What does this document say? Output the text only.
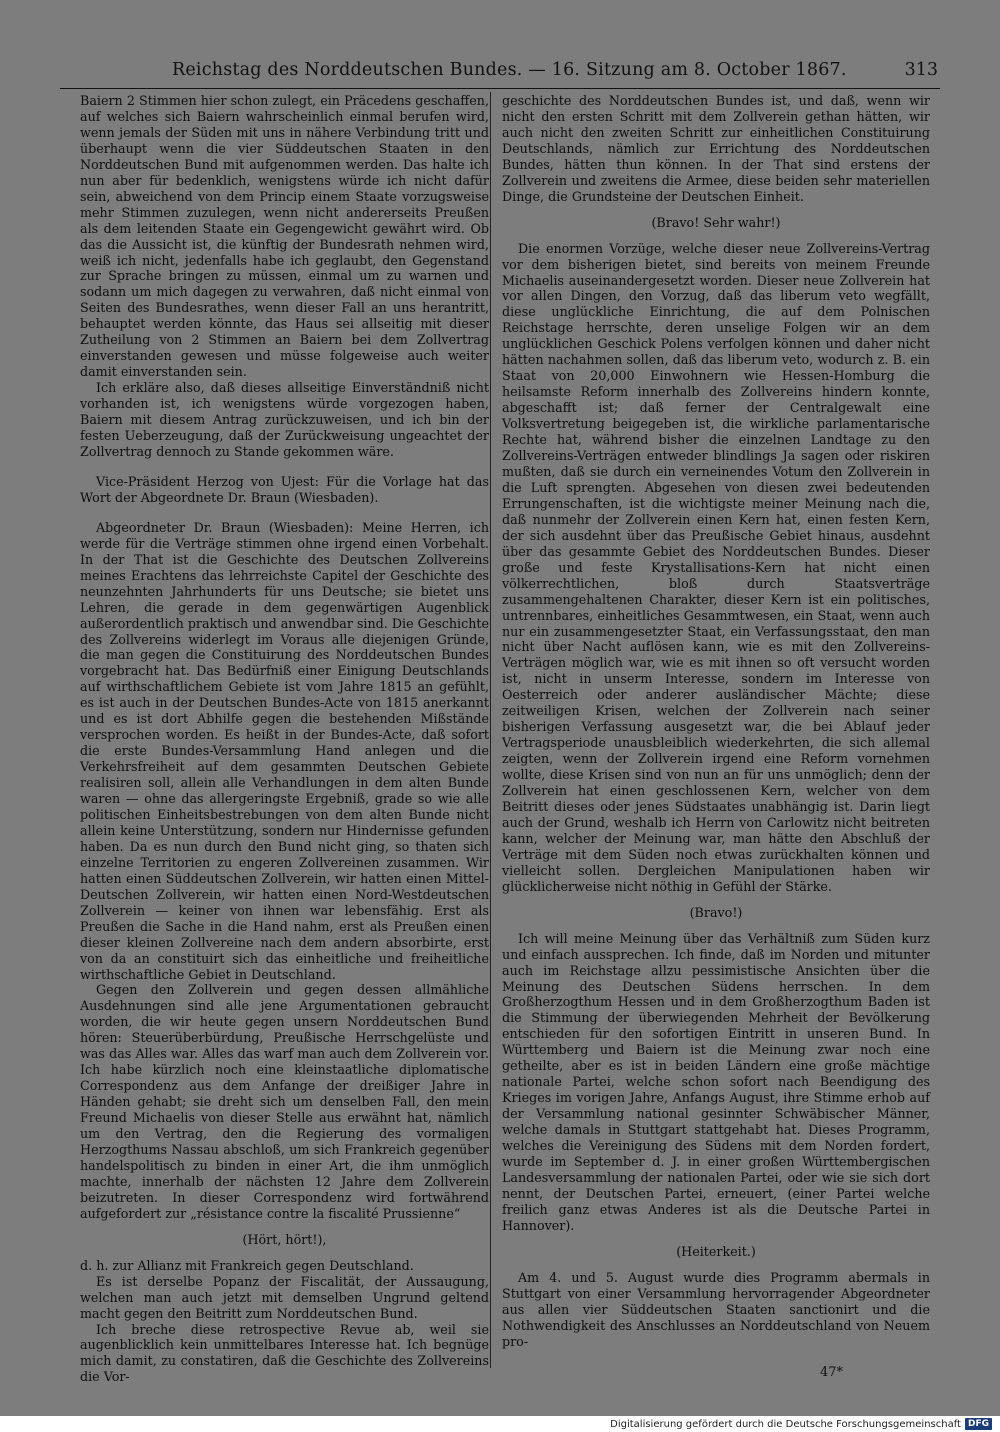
Reichstag des Norddeutschen Bundes. — 16. Sitzung am 8. October 1867.	313

Baiern 2 Stimmen hier schon zulegt, ein Präcedens geschaffen, auf welches sich Baiern wahrscheinlich einmal berufen wird, wenn jemals der Süden mit uns in nähere Verbindung tritt und überhaupt wenn die vier Süddeutschen Staaten in den Norddeutschen Bund mit aufgenommen werden. Das halte ich nun aber für bedenklich, wenigstens würde ich nicht dafür sein, abweichend von dem Princip einem Staate vorzugsweise mehr Stimmen zuzulegen, wenn nicht andererseits Preußen als dem leitenden Staate ein Gegengewicht gewährt wird. Ob das die Aussicht ist, die künftig der Bundesrath nehmen wird, weiß ich nicht, jedenfalls habe ich geglaubt, den Gegenstand zur Sprache bringen zu müssen, einmal um zu warnen und sodann um mich dagegen zu verwahren, daß nicht einmal von Seiten des Bundesrathes, wenn dieser Fall an uns herantritt, behauptet werden könnte, das Haus sei allseitig mit dieser Zutheilung von 2 Stimmen an Baiern bei dem Zollvertrag einverstanden gewesen und müsse folgeweise auch weiter damit einverstanden sein.

Ich erkläre also, daß dieses allseitige Einverständniß nicht vorhanden ist, ich wenigstens würde vorgezogen haben, Baiern mit diesem Antrag zurückzuweisen, und ich bin der festen Ueberzeugung, daß der Zurückweisung ungeachtet der Zollvertrag dennoch zu Stande gekommen wäre.

Vice-Präsident Herzog von Ujest: Für die Vorlage hat das Wort der Abgeordnete Dr. Braun (Wiesbaden).

Abgeordneter Dr. Braun (Wiesbaden): Meine Herren, ich werde für die Verträge stimmen ohne irgend einen Vorbehalt. In der That ist die Geschichte des Deutschen Zollvereins meines Erachtens das lehrreichste Capitel der Geschichte des neunzehnten Jahrhunderts für uns Deutsche; sie bietet uns Lehren, die gerade in dem gegenwärtigen Augenblick außerordentlich praktisch und anwendbar sind. Die Geschichte des Zollvereins widerlegt im Voraus alle diejenigen Gründe, die man gegen die Constituirung des Norddeutschen Bundes vorgebracht hat. Das Bedürfniß einer Einigung Deutschlands auf wirthschaftlichem Gebiete ist vom Jahre 1815 an gefühlt, es ist auch in der Deutschen Bundes-Acte von 1815 anerkannt und es ist dort Abhilfe gegen die bestehenden Mißstände versprochen worden. Es heißt in der Bundes-Acte, daß sofort die erste Bundes-Versammlung Hand anlegen und die Verkehrsfreiheit auf dem gesammten Deutschen Gebiete realisiren soll, allein alle Verhandlungen in dem alten Bunde waren — ohne das allergeringste Ergebniß, grade so wie alle politischen Einheitsbestrebungen von dem alten Bunde nicht allein keine Unterstützung, sondern nur Hindernisse gefunden haben. Da es nun durch den Bund nicht ging, so thaten sich einzelne Territorien zu engeren Zollvereinen zusammen. Wir hatten einen Süddeutschen Zollverein, wir hatten einen Mittel-Deutschen Zollverein, wir hatten einen Nord-Westdeutschen Zollverein — keiner von ihnen war lebensfähig. Erst als Preußen die Sache in die Hand nahm, erst als Preußen einen dieser kleinen Zollvereine nach dem andern absorbirte, erst von da an constituirt sich das einheitliche und freiheitliche wirthschaftliche Gebiet in Deutschland.

Gegen den Zollverein und gegen dessen allmähliche Ausdehnungen sind alle jene Argumentationen gebraucht worden, die wir heute gegen unsern Norddeutschen Bund hören: Steuerüberbürdung, Preußische Herrschgelüste und was das Alles war. Alles das warf man auch dem Zollverein vor. Ich habe kürzlich noch eine kleinstaatliche diplomatische Correspondenz aus dem Anfange der dreißiger Jahre in Händen gehabt; sie dreht sich um denselben Fall, den mein Freund Michaelis von dieser Stelle aus erwähnt hat, nämlich um den Vertrag, den die Regierung des vormaligen Herzogthums Nassau abschloß, um sich Frankreich gegenüber handelspolitisch zu binden in einer Art, die ihm unmöglich machte, innerhalb der nächsten 12 Jahre dem Zollverein beizutreten. In dieser Correspondenz wird fortwährend aufgefordert zur „résistance contre la fiscalité Prussienne“

(Hört, hört!),

d. h. zur Allianz mit Frankreich gegen Deutschland.

Es ist derselbe Popanz der Fiscalität, der Aussaugung, welchen man auch jetzt mit demselben Ungrund geltend macht gegen den Beitritt zum Norddeutschen Bund.

Ich breche diese retrospective Revue ab, weil sie augenblicklich kein unmittelbares Interesse hat. Ich begnüge mich damit, zu constatiren, daß die Geschichte des Zollvereins die Vor-

geschichte des Norddeutschen Bundes ist, und daß, wenn wir nicht den ersten Schritt mit dem Zollverein gethan hätten, wir auch nicht den zweiten Schritt zur einheitlichen Constituirung Deutschlands, nämlich zur Errichtung des Norddeutschen Bundes, hätten thun können. In der That sind erstens der Zollverein und zweitens die Armee, diese beiden sehr materiellen Dinge, die Grundsteine der Deutschen Einheit.

(Bravo! Sehr wahr!)

Die enormen Vorzüge, welche dieser neue Zollvereins-Vertrag vor dem bisherigen bietet, sind bereits von meinem Freunde Michaelis auseinandergesetzt worden. Dieser neue Zollverein hat vor allen Dingen, den Vorzug, daß das liberum veto wegfällt, diese unglückliche Einrichtung, die auf dem Polnischen Reichstage herrschte, deren unselige Folgen wir an dem unglücklichen Geschick Polens verfolgen können und daher nicht hätten nachahmen sollen, daß das liberum veto, wodurch z. B. ein Staat von 20,000 Einwohnern wie Hessen-Homburg die heilsamste Reform innerhalb des Zollvereins hindern konnte, abgeschafft ist; daß ferner der Centralgewalt eine Volksvertretung beigegeben ist, die wirkliche parlamentarische Rechte hat, während bisher die einzelnen Landtage zu den Zollvereins-Verträgen entweder blindlings Ja sagen oder riskiren mußten, daß sie durch ein verneinendes Votum den Zollverein in die Luft sprengten. Abgesehen von diesen zwei bedeutenden Errungenschaften, ist die wichtigste meiner Meinung nach die, daß nunmehr der Zollverein einen Kern hat, einen festen Kern, der sich ausdehnt über das Preußische Gebiet hinaus, ausdehnt über das gesammte Gebiet des Norddeutschen Bundes. Dieser große und feste Krystallisations-Kern hat nicht einen völkerrechtlichen, bloß durch Staatsverträge zusammengehaltenen Charakter, dieser Kern ist ein politisches, untrennbares, einheitliches Gesammtwesen, ein Staat, wenn auch nur ein zusammengesetzter Staat, ein Verfassungsstaat, den man nicht über Nacht auflösen kann, wie es mit den Zollvereins-Verträgen möglich war, wie es mit ihnen so oft versucht worden ist, nicht in unserm Interesse, sondern im Interesse von Oesterreich oder anderer ausländischer Mächte; diese zeitweiligen Krisen, welchen der Zollverein nach seiner bisherigen Verfassung ausgesetzt war, die bei Ablauf jeder Vertragsperiode unausbleiblich wiederkehrten, die sich allemal zeigten, wenn der Zollverein irgend eine Reform vornehmen wollte, diese Krisen sind von nun an für uns unmöglich; denn der Zollverein hat einen geschlossenen Kern, welcher von dem Beitritt dieses oder jenes Südstaates unabhängig ist. Darin liegt auch der Grund, weshalb ich Herrn von Carlowitz nicht beitreten kann, welcher der Meinung war, man hätte den Abschluß der Verträge mit dem Süden noch etwas zurückhalten können und vielleicht sollen. Dergleichen Manipulationen haben wir glücklicherweise nicht nöthig in Gefühl der Stärke.

(Bravo!)

Ich will meine Meinung über das Verhältniß zum Süden kurz und einfach aussprechen. Ich finde, daß im Norden und mitunter auch im Reichstage allzu pessimistische Ansichten über die Meinung des Deutschen Südens herrschen. In dem Großherzogthum Hessen und in dem Großherzogthum Baden ist die Stimmung der überwiegenden Mehrheit der Bevölkerung entschieden für den sofortigen Eintritt in unseren Bund. In Württemberg und Baiern ist die Meinung zwar noch eine getheilte, aber es ist in beiden Ländern eine große mächtige nationale Partei, welche schon sofort nach Beendigung des Krieges im vorigen Jahre, Anfangs August, ihre Stimme erhob auf der Versammlung national gesinnter Schwäbischer Männer, welche damals in Stuttgart stattgehabt hat. Dieses Programm, welches die Vereinigung des Südens mit dem Norden fordert, wurde im September d. J. in einer großen Württembergischen Landesversammlung der nationalen Partei, oder wie sie sich dort nennt, der Deutschen Partei, erneuert, (einer Partei welche freilich ganz etwas Anderes ist als die Deutsche Partei in Hannover).

(Heiterkeit.)

Am 4. und 5. August wurde dies Programm abermals in Stuttgart von einer Versammlung hervorragender Abgeordneter aus allen vier Süddeutschen Staaten sanctionirt und die Nothwendigkeit des Anschlusses an Norddeutschland von Neuem pro-

47*
Digitalisierung gefördert durch die Deutsche Forschungsgemeinschaft DFG
